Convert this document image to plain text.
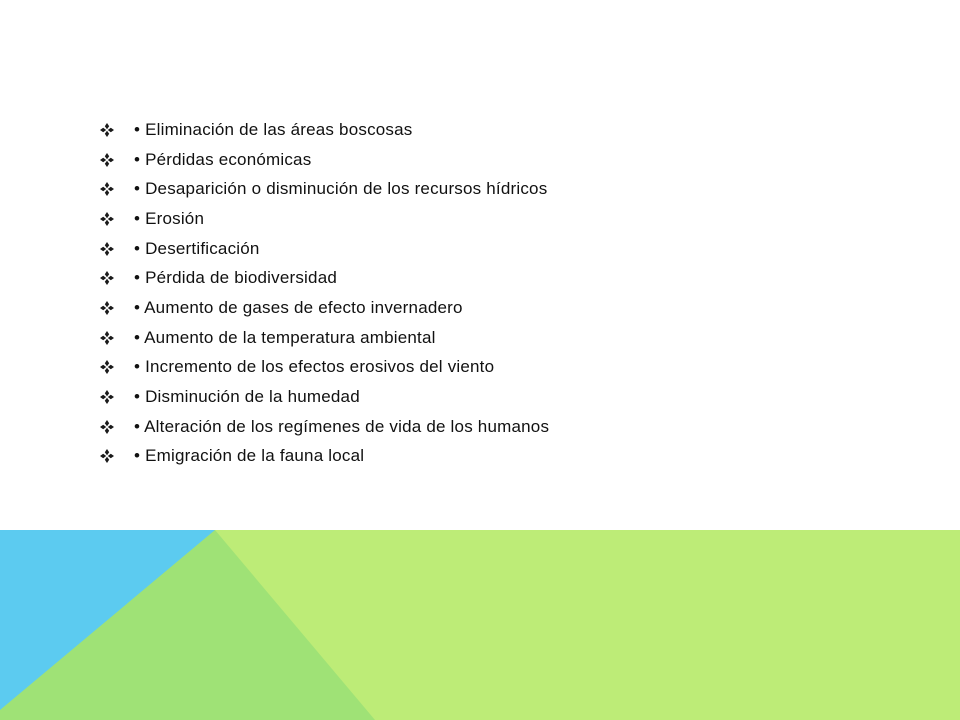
• Eliminación de las áreas boscosas
• Pérdidas económicas
• Desaparición o disminución de los recursos hídricos
• Erosión
• Desertificación
• Pérdida de biodiversidad
• Aumento de gases de efecto invernadero
• Aumento de la temperatura ambiental
• Incremento de los efectos erosivos del viento
• Disminución de la humedad
• Alteración de los regímenes de vida de los humanos
• Emigración de la fauna local
